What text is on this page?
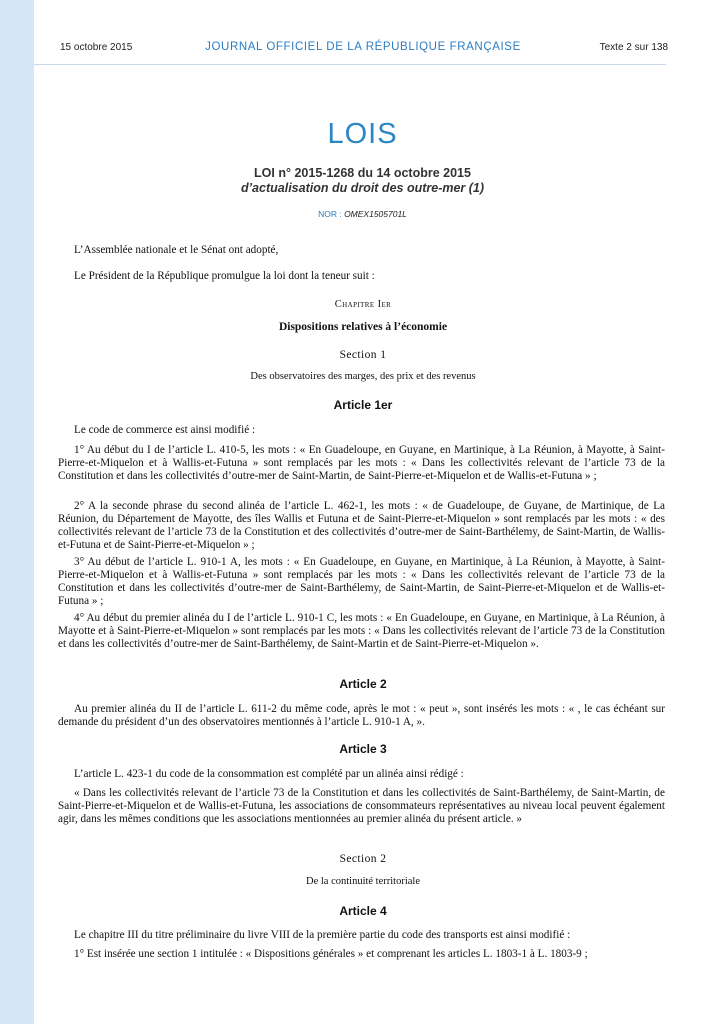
15 octobre 2015	JOURNAL OFFICIEL DE LA RÉPUBLIQUE FRANÇAISE	Texte 2 sur 138
LOIS
LOI n° 2015-1268 du 14 octobre 2015
d’actualisation du droit des outre-mer (1)
NOR : OMEX1505701L
L’Assemblée nationale et le Sénat ont adopté,
Le Président de la République promulgue la loi dont la teneur suit :
Chapitre Ier
Dispositions relatives à l’économie
Section 1
Des observatoires des marges, des prix et des revenus
Article 1er
Le code de commerce est ainsi modifié :
1° Au début du I de l’article L. 410-5, les mots : « En Guadeloupe, en Guyane, en Martinique, à La Réunion, à Mayotte, à Saint-Pierre-et-Miquelon et à Wallis-et-Futuna » sont remplacés par les mots : « Dans les collectivités relevant de l’article 73 de la Constitution et dans les collectivités d’outre-mer de Saint-Martin, de Saint-Pierre-et-Miquelon et de Wallis-et-Futuna » ;
2° A la seconde phrase du second alinéa de l’article L. 462-1, les mots : « de Guadeloupe, de Guyane, de Martinique, de La Réunion, du Département de Mayotte, des îles Wallis et Futuna et de Saint-Pierre-et-Miquelon » sont remplacés par les mots : « des collectivités relevant de l’article 73 de la Constitution et des collectivités d’outre-mer de Saint-Barthélemy, de Saint-Martin, de Wallis-et-Futuna et de Saint-Pierre-et-Miquelon » ;
3° Au début de l’article L. 910-1 A, les mots : « En Guadeloupe, en Guyane, en Martinique, à La Réunion, à Mayotte, à Saint-Pierre-et-Miquelon et à Wallis-et-Futuna » sont remplacés par les mots : « Dans les collectivités relevant de l’article 73 de la Constitution et dans les collectivités d’outre-mer de Saint-Barthélemy, de Saint-Martin, de Saint-Pierre-et-Miquelon et de Wallis-et-Futuna » ;
4° Au début du premier alinéa du I de l’article L. 910-1 C, les mots : « En Guadeloupe, en Guyane, en Martinique, à La Réunion, à Mayotte et à Saint-Pierre-et-Miquelon » sont remplacés par les mots : « Dans les collectivités relevant de l’article 73 de la Constitution et dans les collectivités d’outre-mer de Saint-Barthélemy, de Saint-Martin et de Saint-Pierre-et-Miquelon ».
Article 2
Au premier alinéa du II de l’article L. 611-2 du même code, après le mot : « peut », sont insérés les mots : « , le cas échéant sur demande du président d’un des observatoires mentionnés à l’article L. 910-1 A, ».
Article 3
L’article L. 423-1 du code de la consommation est complété par un alinéa ainsi rédigé :
« Dans les collectivités relevant de l’article 73 de la Constitution et dans les collectivités de Saint-Barthélemy, de Saint-Martin, de Saint-Pierre-et-Miquelon et de Wallis-et-Futuna, les associations de consommateurs représentatives au niveau local peuvent également agir, dans les mêmes conditions que les associations mentionnées au premier alinéa du présent article. »
Section 2
De la continuité territoriale
Article 4
Le chapitre III du titre préliminaire du livre VIII de la première partie du code des transports est ainsi modifié :
1° Est insérée une section 1 intitulée : « Dispositions générales » et comprenant les articles L. 1803-1 à L. 1803-9 ;
